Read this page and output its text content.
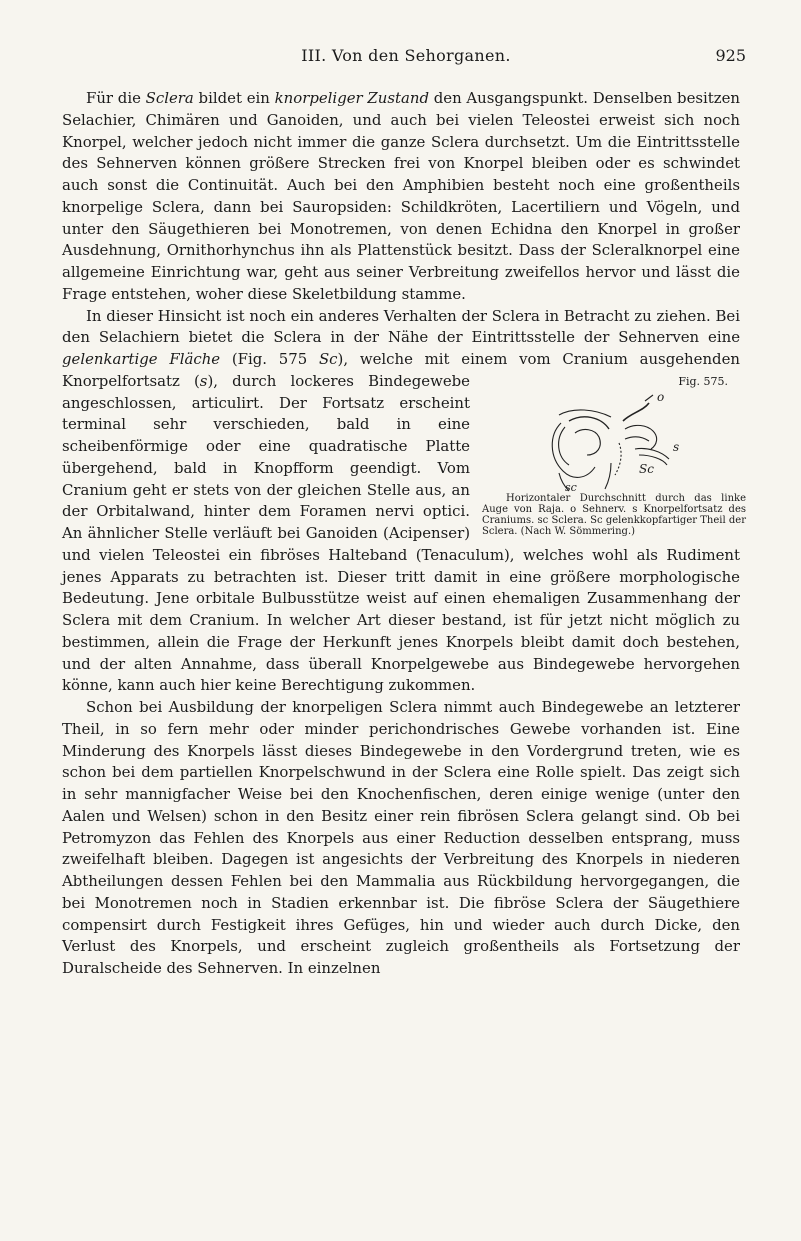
III. Von den Sehorganen.	925

Für die Sclera bildet ein knorpeliger Zustand den Ausgangspunkt. Denselben besitzen Selachier, Chimären und Ganoiden, und auch bei vielen Teleostei erweist sich noch Knorpel, welcher jedoch nicht immer die ganze Sclera durchsetzt. Um die Eintrittsstelle des Sehnerven können größere Strecken frei von Knorpel bleiben oder es schwindet auch sonst die Continuität. Auch bei den Amphibien besteht noch eine großentheils knorpelige Sclera, dann bei Sauropsiden: Schildkröten, Lacertiliern und Vögeln, und unter den Säugethieren bei Monotremen, von denen Echidna den Knorpel in großer Ausdehnung, Ornithorhynchus ihn als Plattenstück besitzt. Dass der Scleralknorpel eine allgemeine Einrichtung war, geht aus seiner Verbreitung zweifellos hervor und lässt die Frage entstehen, woher diese Skeletbildung stamme.

In dieser Hinsicht ist noch ein anderes Verhalten der Sclera in Betracht zu ziehen. Bei den Selachiern bietet die Sclera in der Nähe der Eintrittsstelle der Sehnerven eine gelenkartige Fläche (Fig. 575 Sc), welche mit einem vom Cranium ausgehenden Knorpelfortsatz (s	Fig. 575.
o
s
Sc
sc
Horizontaler Durchschnitt durch das linke Auge von Raja. o Sehnerv. s Knorpelfortsatz des Craniums. sc Sclera. Sc gelenkkopfartiger Theil der Sclera. (Nach W. Sömmering.)
), durch lockeres Bindegewebe angeschlossen, articulirt. Der Fortsatz erscheint terminal sehr verschieden, bald in eine scheibenförmige oder eine quadratische Platte übergehend, bald in Knopfform geendigt. Vom Cranium geht er stets von der gleichen Stelle aus, an der Orbitalwand, hinter dem Foramen nervi optici. An ähnlicher Stelle verläuft bei Ganoiden (Acipenser) und vielen Teleostei ein fibröses Halteband (Tenaculum), welches wohl als Rudiment jenes Apparats zu betrachten ist. Dieser tritt damit in eine größere morphologische Bedeutung. Jene orbitale Bulbusstütze weist auf einen ehemaligen Zusammenhang der Sclera mit dem Cranium. In welcher Art dieser bestand, ist für jetzt nicht möglich zu bestimmen, allein die Frage der Herkunft jenes Knorpels bleibt damit doch bestehen, und der alten Annahme, dass überall Knorpelgewebe aus Bindegewebe hervorgehen könne, kann auch hier keine Berechtigung zukommen.

Schon bei Ausbildung der knorpeligen Sclera nimmt auch Bindegewebe an letzterer Theil, in so fern mehr oder minder perichondrisches Gewebe vorhanden ist. Eine Minderung des Knorpels lässt dieses Bindegewebe in den Vordergrund treten, wie es schon bei dem partiellen Knorpelschwund in der Sclera eine Rolle spielt. Das zeigt sich in sehr mannigfacher Weise bei den Knochenfischen, deren einige wenige (unter den Aalen und Welsen) schon in den Besitz einer rein fibrösen Sclera gelangt sind. Ob bei Petromyzon das Fehlen des Knorpels aus einer Reduction desselben entsprang, muss zweifelhaft bleiben. Dagegen ist angesichts der Verbreitung des Knorpels in niederen Abtheilungen dessen Fehlen bei den Mammalia aus Rückbildung hervorgegangen, die bei Monotremen noch in Stadien erkennbar ist. Die fibröse Sclera der Säugethiere compensirt durch Festigkeit ihres Gefüges, hin und wieder auch durch Dicke, den Verlust des Knorpels, und erscheint zugleich großentheils als Fortsetzung der Duralscheide des Sehnerven. In einzelnen
